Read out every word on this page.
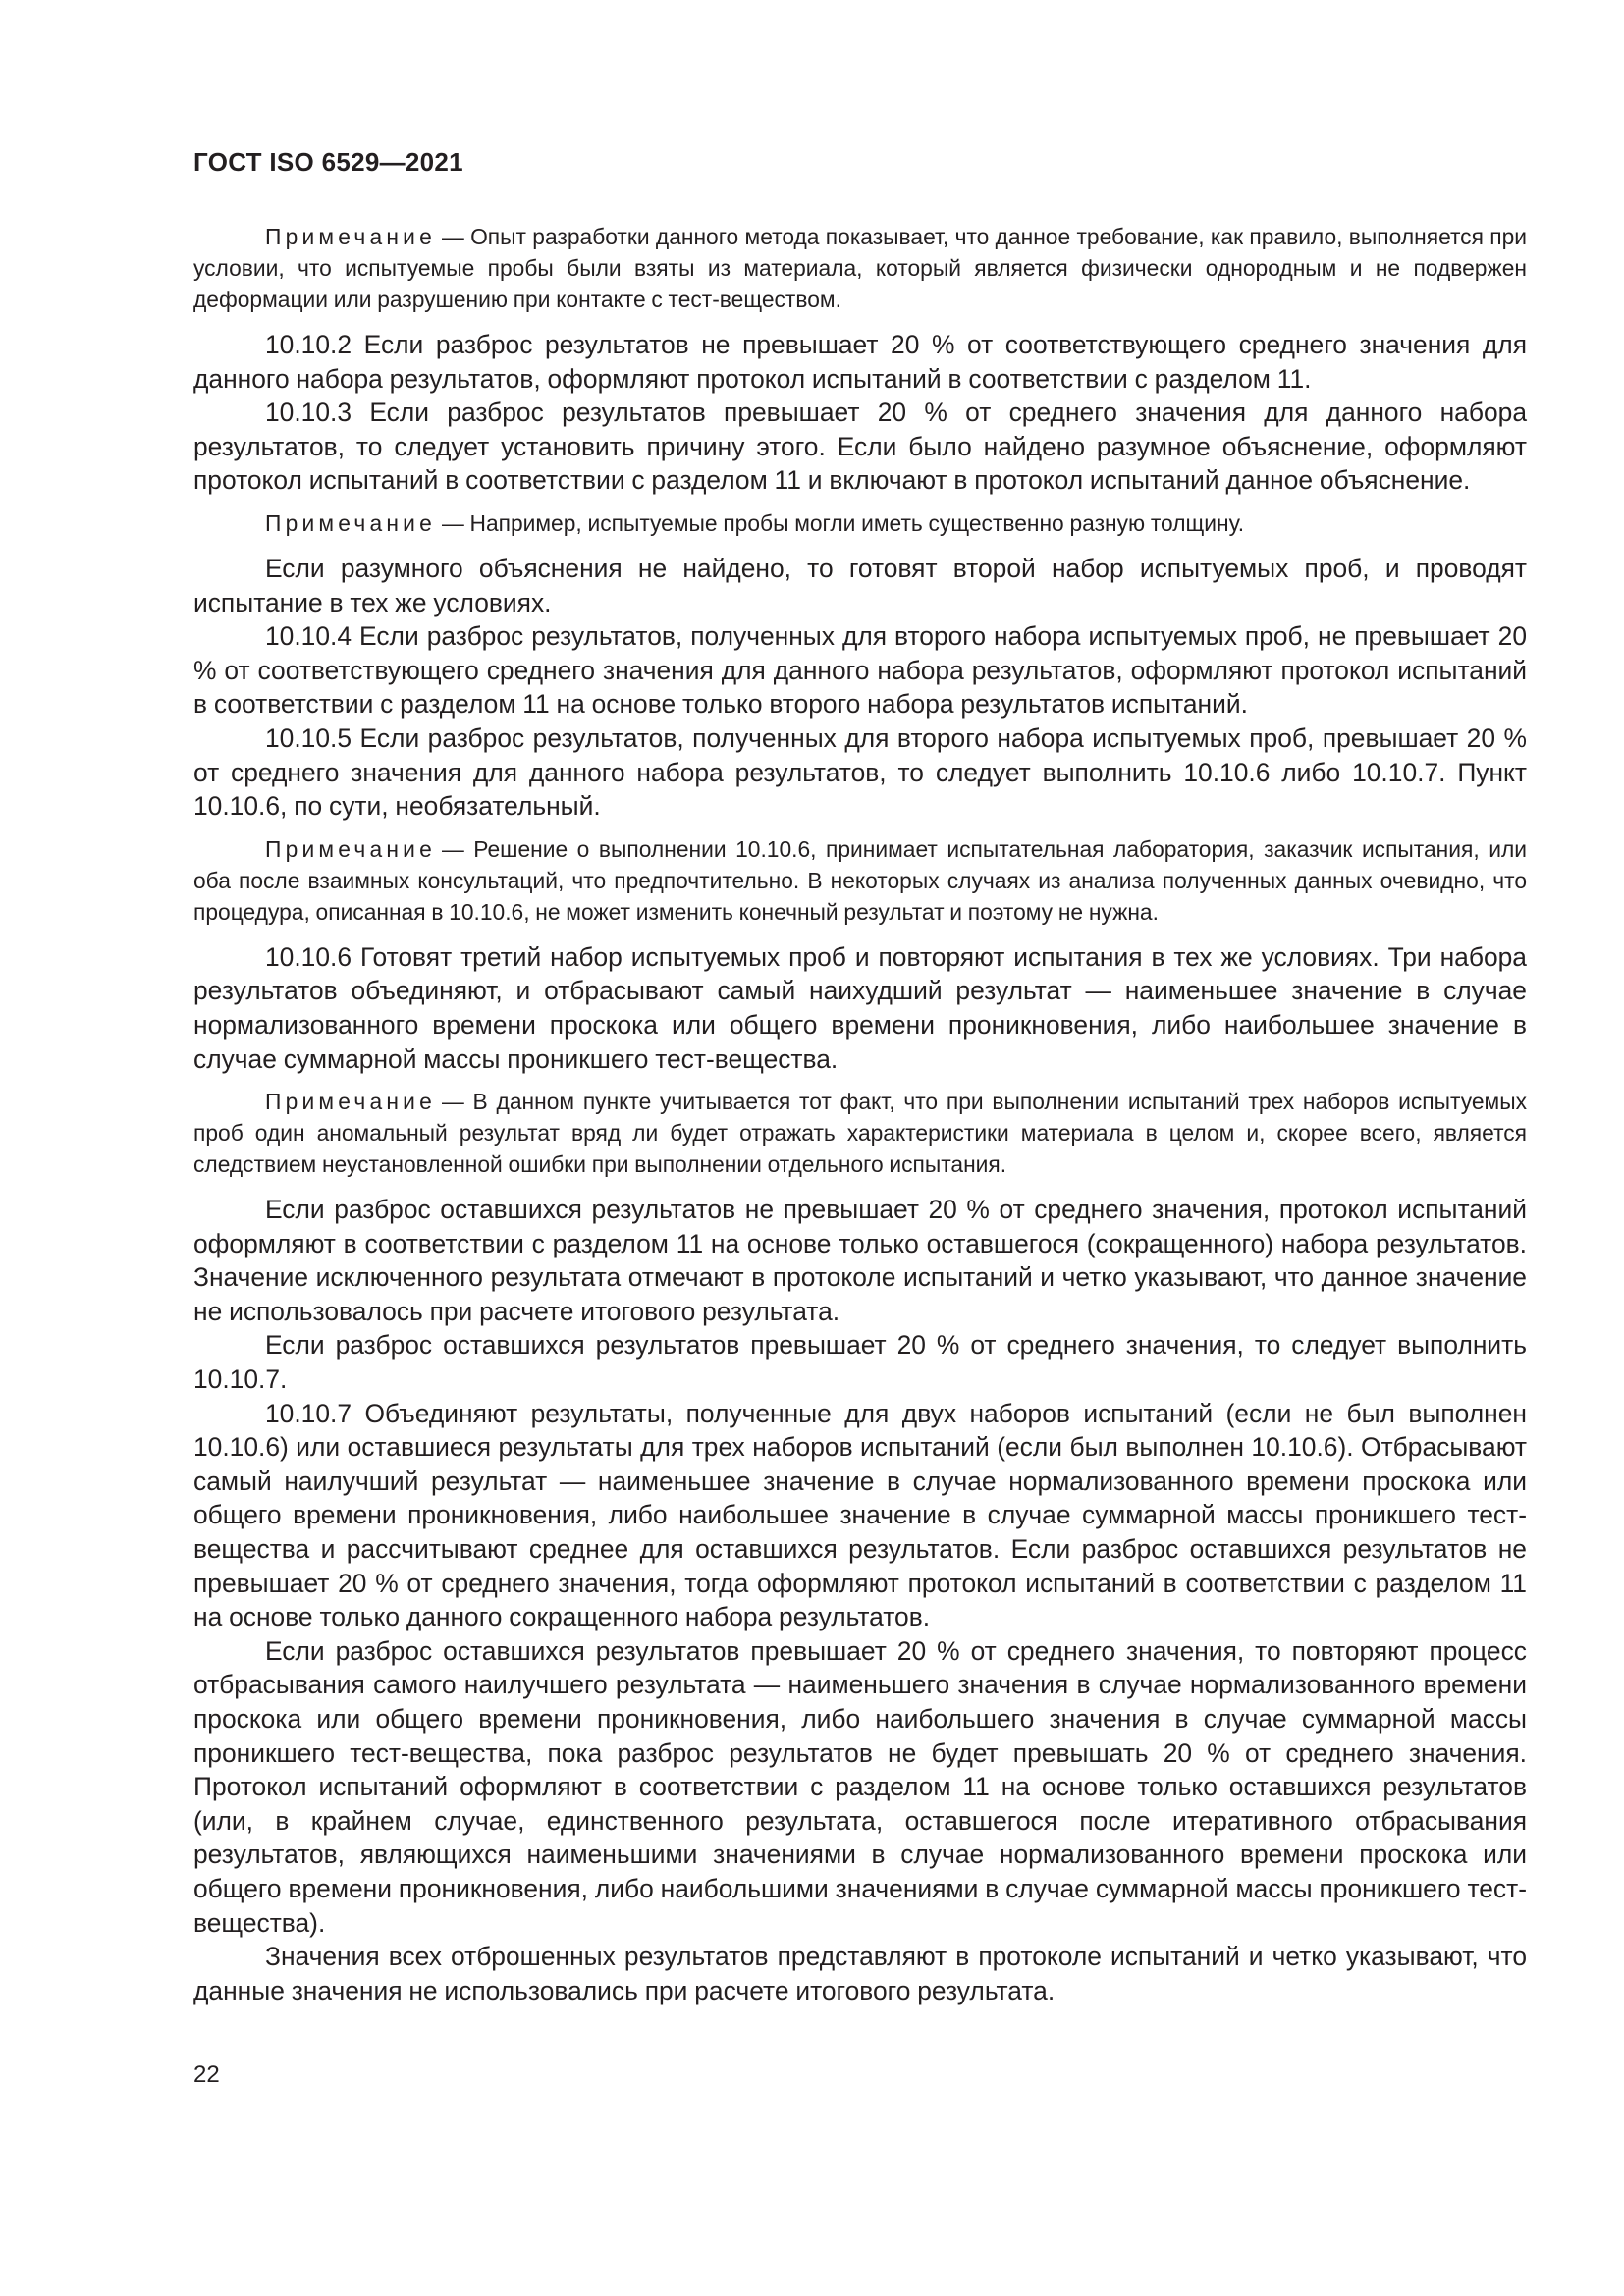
ГОСТ ISO 6529—2021

Примечание — Опыт разработки данного метода показывает, что данное требование, как правило, выполняется при условии, что испытуемые пробы были взяты из материала, который является физически однородным и не подвержен деформации или разрушению при контакте с тест-веществом.

10.10.2 Если разброс результатов не превышает 20 % от соответствующего среднего значения для данного набора результатов, оформляют протокол испытаний в соответствии с разделом 11.

10.10.3 Если разброс результатов превышает 20 % от среднего значения для данного набора результатов, то следует установить причину этого. Если было найдено разумное объяснение, оформляют протокол испытаний в соответствии с разделом 11 и включают в протокол испытаний данное объяснение.

Примечание — Например, испытуемые пробы могли иметь существенно разную толщину.

Если разумного объяснения не найдено, то готовят второй набор испытуемых проб, и проводят испытание в тех же условиях.

10.10.4 Если разброс результатов, полученных для второго набора испытуемых проб, не превышает 20 % от соответствующего среднего значения для данного набора результатов, оформляют протокол испытаний в соответствии с разделом 11 на основе только второго набора результатов испытаний.

10.10.5 Если разброс результатов, полученных для второго набора испытуемых проб, превышает 20 % от среднего значения для данного набора результатов, то следует выполнить 10.10.6 либо 10.10.7. Пункт 10.10.6, по сути, необязательный.

Примечание — Решение о выполнении 10.10.6, принимает испытательная лаборатория, заказчик испытания, или оба после взаимных консультаций, что предпочтительно. В некоторых случаях из анализа полученных данных очевидно, что процедура, описанная в 10.10.6, не может изменить конечный результат и поэтому не нужна.

10.10.6 Готовят третий набор испытуемых проб и повторяют испытания в тех же условиях. Три набора результатов объединяют, и отбрасывают самый наихудший результат — наименьшее значение в случае нормализованного времени проскока или общего времени проникновения, либо наибольшее значение в случае суммарной массы проникшего тест-вещества.

Примечание — В данном пункте учитывается тот факт, что при выполнении испытаний трех наборов испытуемых проб один аномальный результат вряд ли будет отражать характеристики материала в целом и, скорее всего, является следствием неустановленной ошибки при выполнении отдельного испытания.

Если разброс оставшихся результатов не превышает 20 % от среднего значения, протокол испытаний оформляют в соответствии с разделом 11 на основе только оставшегося (сокращенного) набора результатов. Значение исключенного результата отмечают в протоколе испытаний и четко указывают, что данное значение не использовалось при расчете итогового результата.

Если разброс оставшихся результатов превышает 20 % от среднего значения, то следует выполнить 10.10.7.

10.10.7 Объединяют результаты, полученные для двух наборов испытаний (если не был выполнен 10.10.6) или оставшиеся результаты для трех наборов испытаний (если был выполнен 10.10.6). Отбрасывают самый наилучший результат — наименьшее значение в случае нормализованного времени проскока или общего времени проникновения, либо наибольшее значение в случае суммарной массы проникшего тест-вещества и рассчитывают среднее для оставшихся результатов. Если разброс оставшихся результатов не превышает 20 % от среднего значения, тогда оформляют протокол испытаний в соответствии с разделом 11 на основе только данного сокращенного набора результатов.

Если разброс оставшихся результатов превышает 20 % от среднего значения, то повторяют процесс отбрасывания самого наилучшего результата — наименьшего значения в случае нормализованного времени проскока или общего времени проникновения, либо наибольшего значения в случае суммарной массы проникшего тест-вещества, пока разброс результатов не будет превышать 20 % от среднего значения. Протокол испытаний оформляют в соответствии с разделом 11 на основе только оставшихся результатов (или, в крайнем случае, единственного результата, оставшегося после итеративного отбрасывания результатов, являющихся наименьшими значениями в случае нормализованного времени проскока или общего времени проникновения, либо наибольшими значениями в случае суммарной массы проникшего тест-вещества).

Значения всех отброшенных результатов представляют в протоколе испытаний и четко указывают, что данные значения не использовались при расчете итогового результата.

22
